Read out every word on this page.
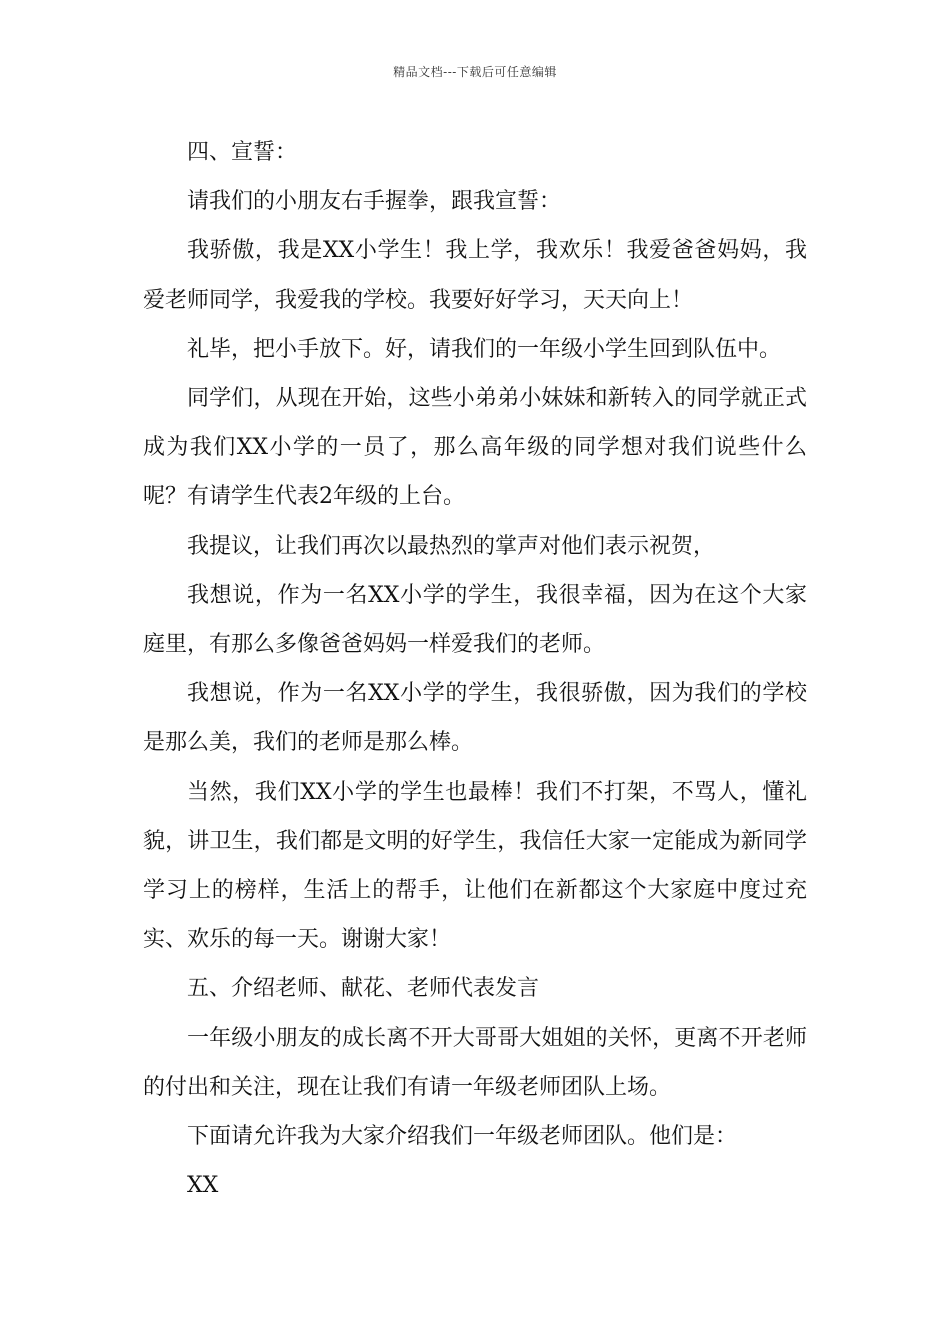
精品文档---下载后可任意编辑

四、宣誓：

请我们的小朋友右手握拳，跟我宣誓：

我骄傲，我是XX小学生！我上学，我欢乐！我爱爸爸妈妈，我爱老师同学，我爱我的学校。我要好好学习，天天向上！

礼毕，把小手放下。好，请我们的一年级小学生回到队伍中。

同学们，从现在开始，这些小弟弟小妹妹和新转入的同学就正式成为我们XX小学的一员了，那么高年级的同学想对我们说些什么呢？有请学生代表2年级的上台。

我提议，让我们再次以最热烈的掌声对他们表示祝贺，

我想说，作为一名XX小学的学生，我很幸福，因为在这个大家庭里，有那么多像爸爸妈妈一样爱我们的老师。

我想说，作为一名XX小学的学生，我很骄傲，因为我们的学校是那么美，我们的老师是那么棒。

当然，我们XX小学的学生也最棒！我们不打架，不骂人，懂礼貌，讲卫生，我们都是文明的好学生，我信任大家一定能成为新同学  学习上的榜样，生活上的帮手，让他们在新都这个大家庭中度过充实、欢乐的每一天。谢谢大家！

五、介绍老师、献花、老师代表发言

一年级小朋友的成长离不开大哥哥大姐姐的关怀，更离不开老师的付出和关注，现在让我们有请一年级老师团队上场。

下面请允许我为大家介绍我们一年级老师团队。他们是：

XX
